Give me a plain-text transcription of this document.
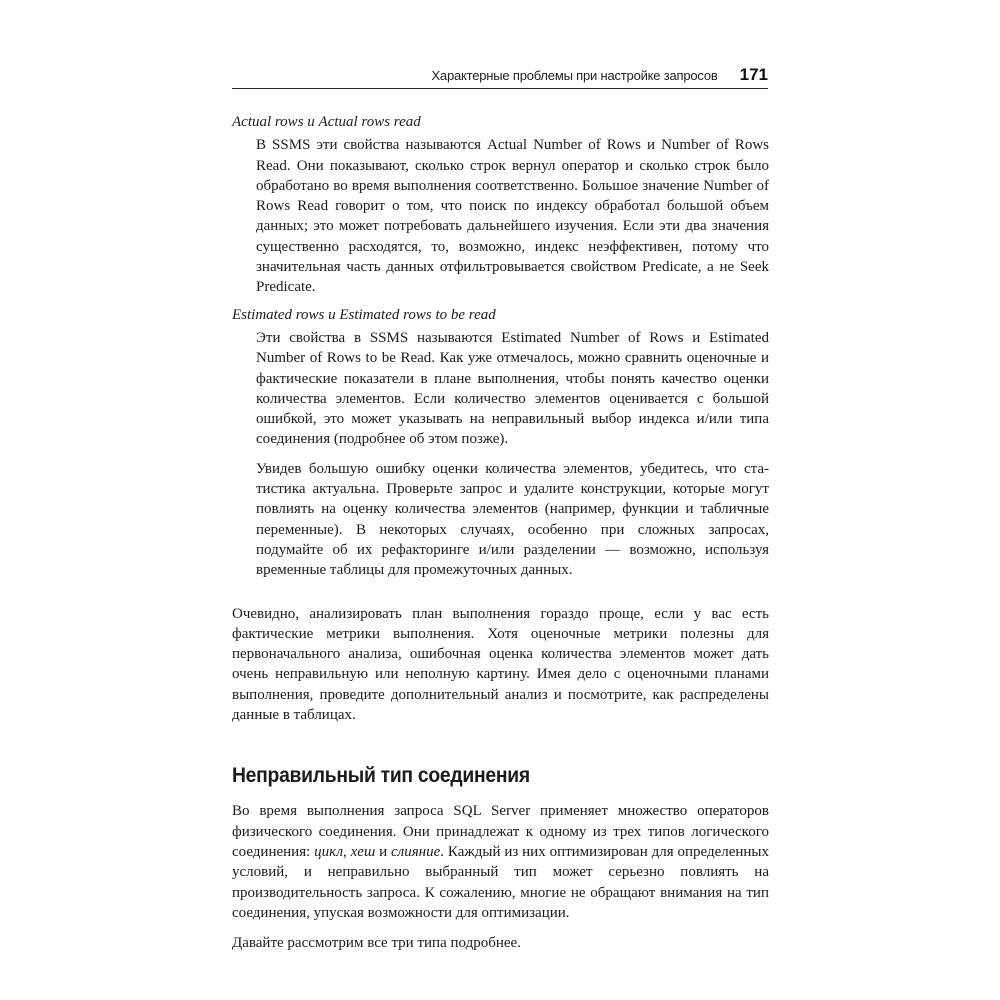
Характерные проблемы при настройке запросов 171
Actual rows и Actual rows read

В SSMS эти свойства называются Actual Number of Rows и Number of Rows Read. Они показывают, сколько строк вернул оператор и сколько строк было обработано во время выполнения соответственно. Большое значение Number of Rows Read говорит о том, что поиск по индексу обработал большой объем данных; это может потребовать дальнейшего изучения. Если эти два значения существенно расходятся, то, возможно, индекс неэффективен, потому что значительная часть данных отфильтровывается свойством Predicate, а не Seek Predicate.

Estimated rows и Estimated rows to be read

Эти свойства в SSMS называются Estimated Number of Rows и Estimated Number of Rows to be Read. Как уже отмечалось, можно сравнить оценочные и фактические показатели в плане выполнения, чтобы понять качество оценки количества элементов. Если количество элементов оценивается с большой ошибкой, это может указывать на неправильный выбор индекса и/или типа соединения (подробнее об этом позже).

Увидев большую ошибку оценки количества элементов, убедитесь, что статистика актуальна. Проверьте запрос и удалите конструкции, которые могут повлиять на оценку количества элементов (например, функции и табличные переменные). В некоторых случаях, особенно при сложных запросах, подумайте об их рефакторинге и/или разделении — возможно, используя временные таблицы для промежуточных данных.

Очевидно, анализировать план выполнения гораздо проще, если у вас есть фактические метрики выполнения. Хотя оценочные метрики полезны для первоначального анализа, ошибочная оценка количества элементов может дать очень неправильную или неполную картину. Имея дело с оценочными планами выполнения, проведите дополнительный анализ и посмотрите, как распределены данные в таблицах.

Неправильный тип соединения

Во время выполнения запроса SQL Server применяет множество операторов физического соединения. Они принадлежат к одному из трех типов логического соединения: цикл, хеш и слияние. Каждый из них оптимизирован для определенных условий, и неправильно выбранный тип может серьезно повлиять на производительность запроса. К сожалению, многие не обращают внимания на тип соединения, упуская возможности для оптимизации.

Давайте рассмотрим все три типа подробнее.
